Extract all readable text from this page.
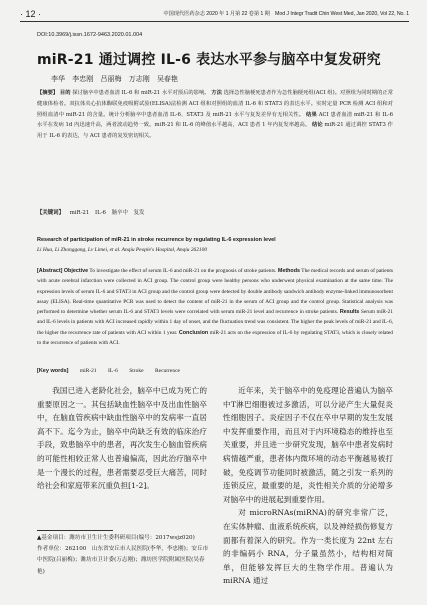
· 12 ·	中国现代医药杂志 2020 年 1 月第 22 卷第 1 期　Mod J Integr Tradit Chin West Med, Jan 2020, Vol 22, No. 1
DOI:10.3969/j.issn.1672-9463.2020.01.004
miR-21 通过调控 IL-6 表达水平参与脑卒中复发研究
李华 李忠刚 吕丽梅 万志刚 吴春艳
【摘要】 目的 探讨脑卒中患者血清 IL-6 和 miR-21 水平对预后的影响。 方法 选择急性脑梗死患者作为急性脑梗死组(ACI 组)。对照组为同时期的正常健康体检者。双抗体夹心抗体酶联免疫吸附试验(ELISA)法检测 ACI 组和对照组的血清 IL-6 和 STAT3 的表达水平。实时定量 PCR 检测 ACI 组和对照组血清中 miR-21 的含量。统计分析脑卒中患者血清 IL-6、STAT3 及 miR-21 水平与复发差异有无相关性。 结果 ACI 患者血清 miR-21 和 IL-6 水平在发病 1d 内迅速升高，两者波动趋势一致。miR-21 和 IL-6 的峰值水平越高，ACI 患者 1 年内复发率越高。 结论 miR-21 通过调控 STAT3 作用于 IL-6 的表达，与 ACI 患者的复发密切相关。
【关键词】 miR-21 IL-6 脑卒中 复发
Research of participation of miR-21 in stroke recurrence by regulating IL-6 expression level
Li Hua, Li Zhonggang, Lv Limei, et al. Anqiu People's Hospital, Anqiu 262100
[Abstract] Objective To investigate the effect of serum IL-6 and miR-21 on the prognosis of stroke patients. Methods The medical records and serum of patients with acute cerebral infarction were collected in ACI group. The control group were healthy persons who underwent physical examination at the same time. The expression levels of serum IL-6 and STAT3 in ACI group and the control group were detected by double antibody sandwich antibody enzyme-linked immunosorbent assay (ELISA). Real-time quantitative PCR was used to detect the content of miR-21 in the serum of ACI group and the control group. Statistical analysis was performed to determine whether serum IL-6 and STAT3 levels were correlated with serum miR-21 level and recurrence in stroke patients. Results Serum miR-21 and IL-6 levels in patients with ACI increased rapidly within 1 day of onset, and the fluctuation trend was consistent. The higher the peak levels of miR-21 and IL-6, the higher the recurrence rate of patients with ACI within 1 year. Conclusion miR-21 acts on the expression of IL-6 by regulating STAT3, which is closely related to the recurrence of patients with ACI.
[Key words] miR-21 IL-6 Stroke Recurrence

我国已进入老龄化社会，脑卒中已成为死亡的重要原因之一。其包括缺血性脑卒中及出血性脑卒中，在脑血管疾病中缺血性脑卒中的发病率一直居高不下。迄今为止，脑卒中尚缺乏有效的临床治疗手段，致患脑卒中的患者，再次发生心脑血管疾病的可能性相较正常人也普遍偏高，因此治疗脑卒中是一个漫长的过程，患者需要忍受巨大痛苦，同时给社会和家庭带来沉重负担[1-2]。

近年来，关于脑卒中的免疫理论普遍认为脑卒中T淋巴细胞被过多激活，可以分泌产生大量促炎性细胞因子。炎症因子不仅在卒中早期的发生发展中发挥重要作用，而且对于内环境稳态的维持也至关重要，并且进一步研究发现，脑卒中患者发病时病情越严重，患者体内微环境的动态平衡越易被打破，免疫调节功能同时被激活，随之引发一系列的连锁反应，最重要的是，炎性相关介质的分泌增多对脑卒中的进展起到重要作用。

对 microRNAs(miRNA)的研究非常广泛，在实体肿瘤、血液系统疾病，以及神经损伤修复方面都有着深入的研究。作为一类长度为 22nt 左右的非编码小 RNA，分子量虽然小，结构相对简单，但能够发挥巨大的生物学作用。普遍认为 miRNA 通过

▲基金项目：潍坊市卫生计生委科研项目(编号：2017wsjz020)
作者单位：262100　山东省安丘市人民医院(李华，李忠刚)；安丘市中医院(吕丽梅)；潍坊市卫计委(万志刚)；潍坊医学院附属医院(吴春艳)
